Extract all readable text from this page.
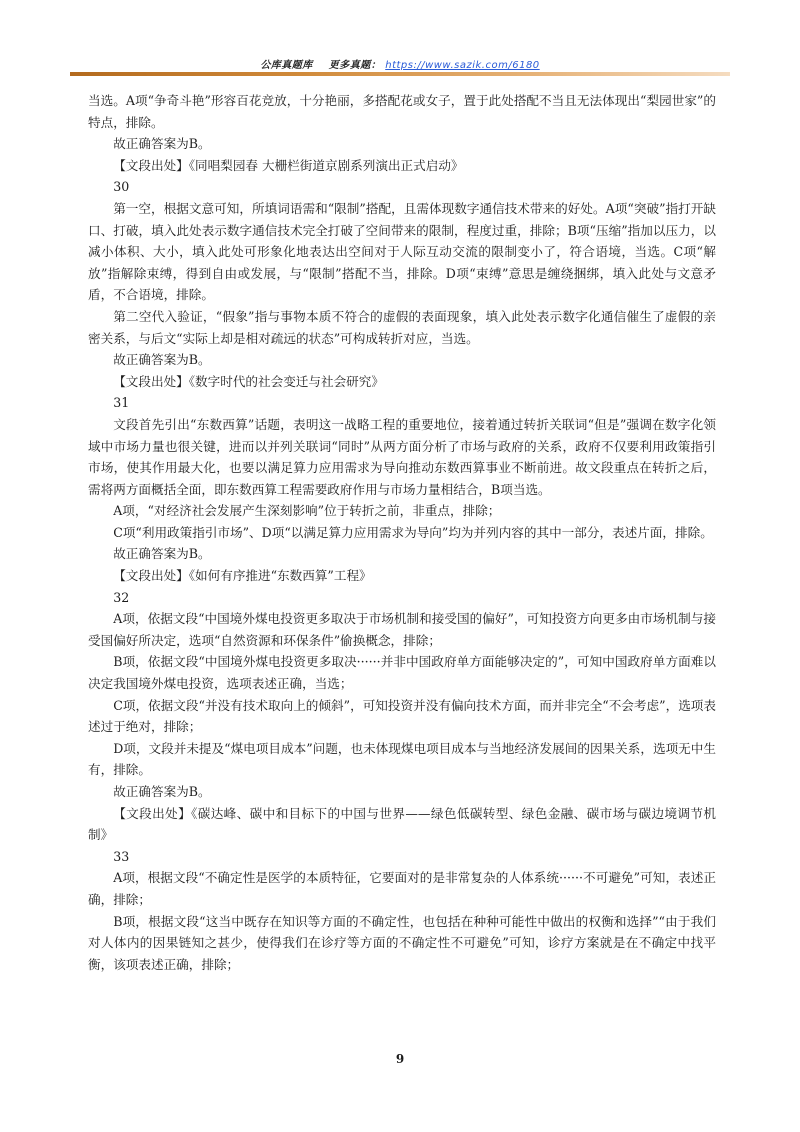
公库真题库 更多真题： https://www.sazik.com/6180

当选。A项“争奇斗艳”形容百花竞放，十分艳丽，多搭配花或女子，置于此处搭配不当且无法体现出“梨园世家”的特点，排除。

故正确答案为B。

【文段出处】《同唱梨园春 大栅栏街道京剧系列演出正式启动》

30

第一空，根据文意可知，所填词语需和“限制”搭配，且需体现数字通信技术带来的好处。A项“突破”指打开缺口、打破，填入此处表示数字通信技术完全打破了空间带来的限制，程度过重，排除；B项“压缩”指加以压力，以减小体积、大小，填入此处可形象化地表达出空间对于人际互动交流的限制变小了，符合语境，当选。C项“解放”指解除束缚，得到自由或发展，与“限制”搭配不当，排除。D项“束缚”意思是缠绕捆绑，填入此处与文意矛盾，不合语境，排除。

第二空代入验证，“假象”指与事物本质不符合的虚假的表面现象，填入此处表示数字化通信催生了虚假的亲密关系，与后文“实际上却是相对疏远的状态”可构成转折对应，当选。

故正确答案为B。

【文段出处】《数字时代的社会变迁与社会研究》

31

文段首先引出“东数西算”话题，表明这一战略工程的重要地位，接着通过转折关联词“但是”强调在数字化领域中市场力量也很关键，进而以并列关联词“同时”从两方面分析了市场与政府的关系，政府不仅要利用政策指引市场，使其作用最大化，也要以满足算力应用需求为导向推动东数西算事业不断前进。故文段重点在转折之后，需将两方面概括全面，即东数西算工程需要政府作用与市场力量相结合，B项当选。

A项，“对经济社会发展产生深刻影响”位于转折之前，非重点，排除；

C项“利用政策指引市场”、D项“以满足算力应用需求为导向”均为并列内容的其中一部分，表述片面，排除。

故正确答案为B。

【文段出处】《如何有序推进“东数西算”工程》

32

A项，依据文段“中国境外煤电投资更多取决于市场机制和接受国的偏好”，可知投资方向更多由市场机制与接受国偏好所决定，选项“自然资源和环保条件”偷换概念，排除；

B项，依据文段“中国境外煤电投资更多取决······并非中国政府单方面能够决定的”，可知中国政府单方面难以决定我国境外煤电投资，选项表述正确，当选；

C项，依据文段“并没有技术取向上的倾斜”，可知投资并没有偏向技术方面，而并非完全“不会考虑”，选项表述过于绝对，排除；

D项，文段并未提及“煤电项目成本”问题，也未体现煤电项目成本与当地经济发展间的因果关系，选项无中生有，排除。

故正确答案为B。

【文段出处】《碳达峰、碳中和目标下的中国与世界——绿色低碳转型、绿色金融、碳市场与碳边境调节机制》

33

A项，根据文段“不确定性是医学的本质特征，它要面对的是非常复杂的人体系统······不可避免”可知，表述正确，排除；

B项，根据文段“这当中既存在知识等方面的不确定性，也包括在种种可能性中做出的权衡和选择”“由于我们对人体内的因果链知之甚少，使得我们在诊疗等方面的不确定性不可避免”可知，诊疗方案就是在不确定中找平衡，该项表述正确，排除；

9
